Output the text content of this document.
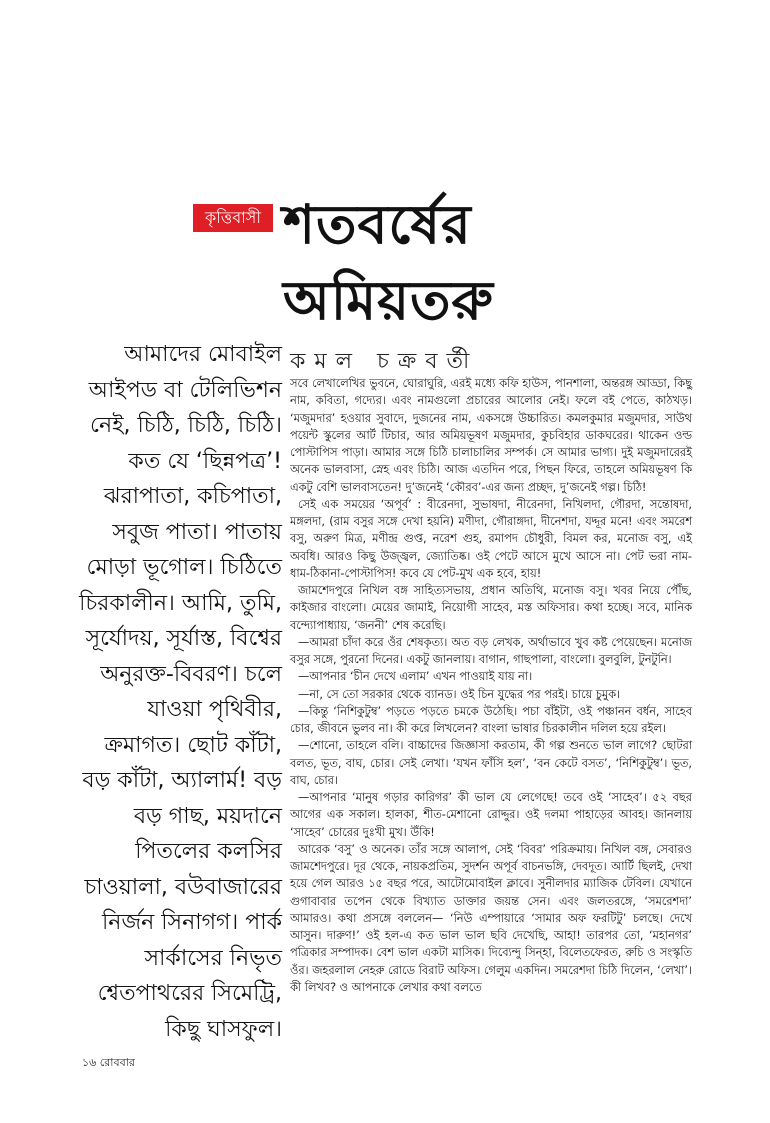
কৃত্তিবাসী শতবর্ষের
অমিয়তরু
কমল চক্রবর্তী
আমাদের মোবাইল আইপড বা টেলিভিশন নেই, চিঠি, চিঠি, চিঠি। কত যে ‘ছিন্নপত্র’! ঝরাপাতা, কচিপাতা, সবুজ পাতা। পাতায় মোড়া ভূগোল। চিঠিতে চিরকালীন। আমি, তুমি, সূর্যোদয়, সূর্যাস্ত, বিশ্বের অনুরক্ত-বিবরণ। চলে যাওয়া পৃথিবীর, ক্রমাগত। ছোট কাঁটা, বড় কাঁটা, অ্যালার্ম! বড় বড় গাছ, ময়দানে পিতলের কলসির চাওয়ালা, বউবাজারের নির্জন সিনাগগ। পার্ক সার্কাসের নিভৃত শ্বেতপাথরের সিমেট্রি, কিছু ঘাসফুল।

সবে লেখালেখির ভুবনে, ঘোরাঘুরি, এরই মধ্যে কফি হাউস, পানশালা, অন্তরঙ্গ আড্ডা, কিছু নাম, কবিতা, গদ্যের। এবং নামগুলো প্রচারের আলোর নেই। ফলে বই পেতে, কাঠখড়। ‘মজুমদার’ হওয়ার সুবাদে, দুজনের নাম, একসঙ্গে উচ্চারিত। কমলকুমার মজুমদার, সাউথ পয়েন্ট স্কুলের আর্ট টিচার, আর অমিয়ভূষণ মজুমদার, কুচবিহার ডাকঘরের। থাকেন ওল্ড পোস্টাপিস পাড়া। আমার সঙ্গে চিঠি চালাচালির সম্পর্ক। সে আমার ভাগ্য। দুই মজুমদারেরই অনেক ভালবাসা, স্নেহ এবং চিঠি। আজ এতদিন পরে, পিছন ফিরে, তাহলে অমিয়ভূষণ কি একটু বেশি ভালবাসতেন! দু’জনেই ‘কৌরব’-এর জন্য প্রচ্ছদ, দু’জনেই গল্প। চিঠি!

সেই এক সময়ের ‘অপূর্ব’ : বীরেনদা, সুভাষদা, নীরেনদা, নিখিলদা, গৌরদা, সন্তোষদা, মঙ্গলদা, (রাম বসুর সঙ্গে দেখা হয়নি) মণীদা, গৌরাঙ্গদা, দীনেশদা, যদ্দূর মনে! এবং সমরেশ বসু, অরুণ মিত্র, মণীন্দ্র গুপ্ত, নরেশ গুহ, রমাপদ চৌধুরী, বিমল কর, মনোজ বসু, এই অবধি। আরও কিছু উজ্জ্বল, জ্যোতিষ্ক। ওই পেটে আসে মুখে আসে না। পেট ভরা নাম-ধাম-ঠিকানা-পোস্টাপিস! কবে যে পেট-মুখ এক হবে, হায়!

জামশেদপুরে নিখিল বঙ্গ সাহিত্যসভায়, প্রধান অতিথি, মনোজ বসু। খবর নিয়ে পৌঁছ, কাইজার বাংলো। মেয়ের জামাই, নিয়োগী সাহেব, মস্ত অফিসার। কথা হচ্ছে। সবে, মানিক বন্দ্যোপাধ্যায়, ‘জননী’ শেষ করেছি।

—আমরা চাঁদা করে ওঁর শেষকৃত্য। অত বড় লেখক, অর্থাভাবে খুব কষ্ট পেয়েছেন। মনোজ বসুর সঙ্গে, পুরনো দিনের। একটু জানলায়। বাগান, গাছপালা, বাংলো। বুলবুলি, টুনটুনি।

—আপনার ‘চীন দেখে এলাম’ এখন পাওয়াই যায় না।

—না, সে তো সরকার থেকে ব্যানড। ওই চিন যুদ্ধের পর পরই। চায়ে চুমুক।

—কিন্তু ‘নিশিকুটুম্ব’ পড়তে পড়তে চমকে উঠেছি। পচা বাঁইটা, ওই পঞ্চানন বর্ধন, সাহেব চোর, জীবনে ভুলব না। কী করে লিখলেন? বাংলা ভাষার চিরকালীন দলিল হয়ে রইল।

—শোনো, তাহলে বলি। বাচ্চাদের জিজ্ঞাসা করতাম, কী গল্প শুনতে ভাল লাগে? ছোটরা বলত, ভূত, বাঘ, চোর। সেই লেখা। ‘যখন ফাঁসি হল’, ‘বন কেটে বসত’, ‘নিশিকুটুম্ব’। ভূত, বাঘ, চোর।

—আপনার ‘মানুষ গড়ার কারিগর’ কী ভাল যে লেগেছে! তবে ওই ‘সাহেব’। ৫২ বছর আগের এক সকাল। হালকা, শীত-মেশানো রোদ্দুর। ওই দলমা পাহাড়ের আবহ। জানলায় ‘সাহেব’ চোরের দুঃখী মুখ। উঁকি!

আরেক ‘বসু’ ও অনেক। তাঁর সঙ্গে আলাপ, সেই ‘বিবর’ পরিক্রমায়। নিখিল বঙ্গ, সেবারও জামশেদপুরে। দূর থেকে, নায়কপ্রতিম, সুদর্শন অপূর্ব বাচনভঙ্গি, দেবদূত। আর্টি ছিলই, দেখা হয়ে গেল আরও ১৫ বছর পরে, আটোমোবাইল ক্লাবে। সুনীলদার ম্যাজিক টেবিল। যেখানে গুগাবাবার তপেন থেকে বিখ্যাত ডাক্তার জয়ন্ত সেন। এবং জলতরঙ্গে, ‘সমরেশদা’ আমারও। কথা প্রসঙ্গে বললেন— ‘নিউ এম্পায়ারে ‘সামার অফ ফরটিটু’ চলছে। দেখে আসুন। দারুণ!’ ওই হল-এ কত ভাল ভাল ছবি দেখেছি, আহা! তারপর তো, ‘মহানগর’ পত্রিকার সম্পাদক। বেশ ভাল একটা মাসিক। দিব্যেন্দু সিন্হা, বিলেতফেরত, রুচি ও সংস্কৃতি ওঁর। জহরলাল নেহরু রোডে বিরাট অফিস। গেলুম একদিন। সমরেশদা চিঠি দিলেন, ‘লেখা’। কী লিখব? ও আপনাকে লেখার কথা বলতে

১৬ রোববার
